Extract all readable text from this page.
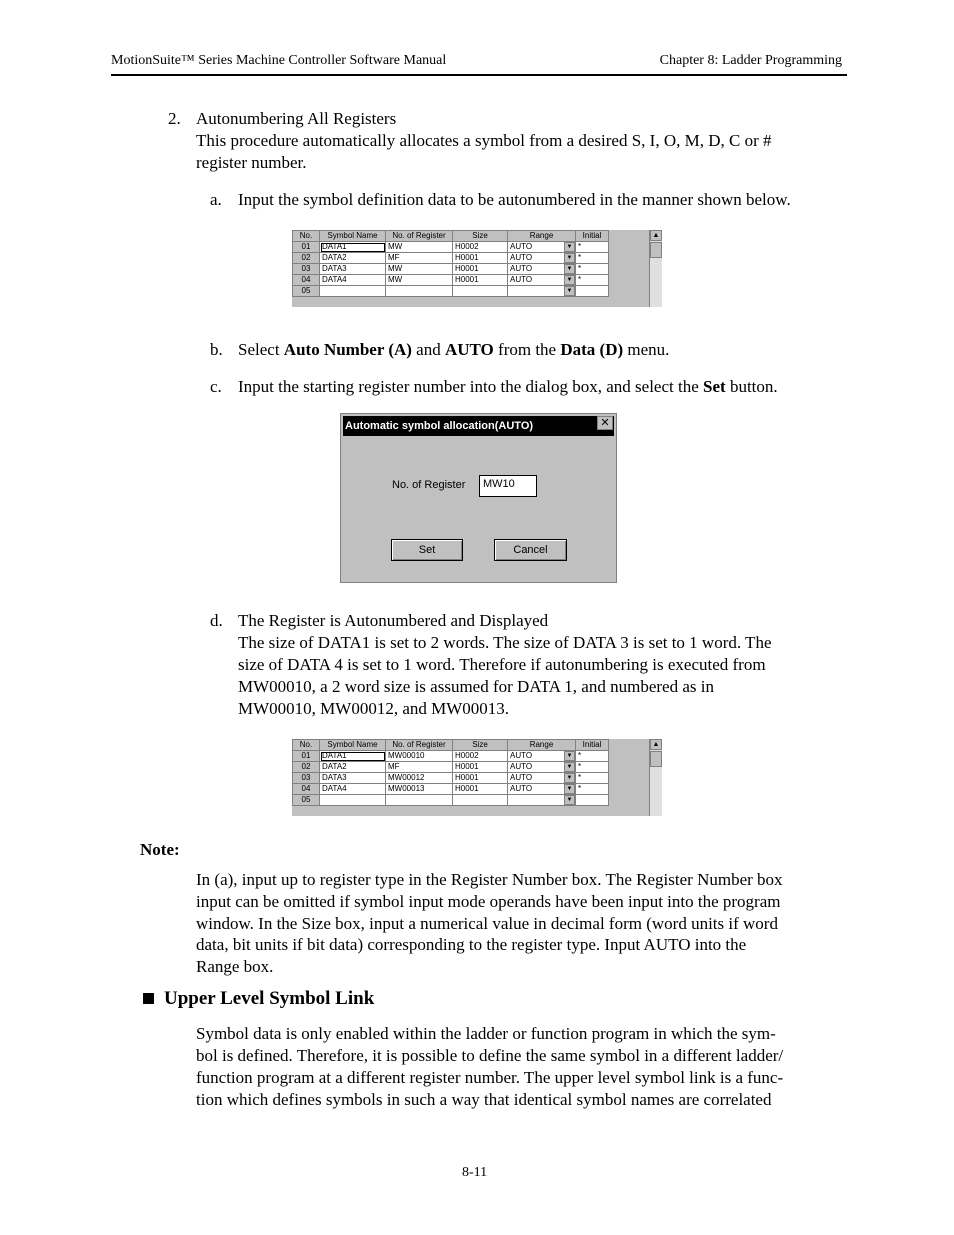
MotionSuite™ Series Machine Controller Software Manual	Chapter 8: Ladder Programming
2. Autonumbering All Registers
This procedure automatically allocates a symbol from a desired S, I, O, M, D, C or #
register number.
a. Input the symbol definition data to be autonumbered in the manner shown below.
No.	Symbol Name	No. of Register	Size	Range	Initial
01	DATA1	MW	H0002	AUTO ▼	*
02	DATA2	MF	H0001	AUTO ▼	*
03	DATA3	MW	H0001	AUTO ▼	*
04	DATA4	MW	H0001	AUTO ▼	*
05				▼	

▲
b. Select Auto Number (A) and AUTO from the Data (D) menu.
c. Input the starting register number into the dialog box, and select the Set button.
Automatic symbol allocation(AUTO)	✕
No. of Register	MW10
Set	Cancel
d. The Register is Autonumbered and Displayed
The size of DATA1 is set to 2 words. The size of DATA 3 is set to 1 word. The
size of DATA 4 is set to 1 word. Therefore if autonumbering is executed from
MW00010, a 2 word size is assumed for DATA 1, and numbered as in
MW00010, MW00012, and MW00013.
No.	Symbol Name	No. of Register	Size	Range	Initial
01	DATA1	MW00010	H0002	AUTO ▼	*
02	DATA2	MF	H0001	AUTO ▼	*
03	DATA3	MW00012	H0001	AUTO ▼	*
04	DATA4	MW00013	H0001	AUTO ▼	*
05				▼	

▲
Note:
In (a), input up to register type in the Register Number box. The Register Number box
input can be omitted if symbol input mode operands have been input into the program
window. In the Size box, input a numerical value in decimal form (word units if word
data, bit units if bit data) corresponding to the register type. Input AUTO into the
Range box.
Upper Level Symbol Link
Symbol data is only enabled within the ladder or function program in which the sym-
bol is defined. Therefore, it is possible to define the same symbol in a different ladder/
function program at a different register number. The upper level symbol link is a func-
tion which defines symbols in such a way that identical symbol names are correlated
8-11
